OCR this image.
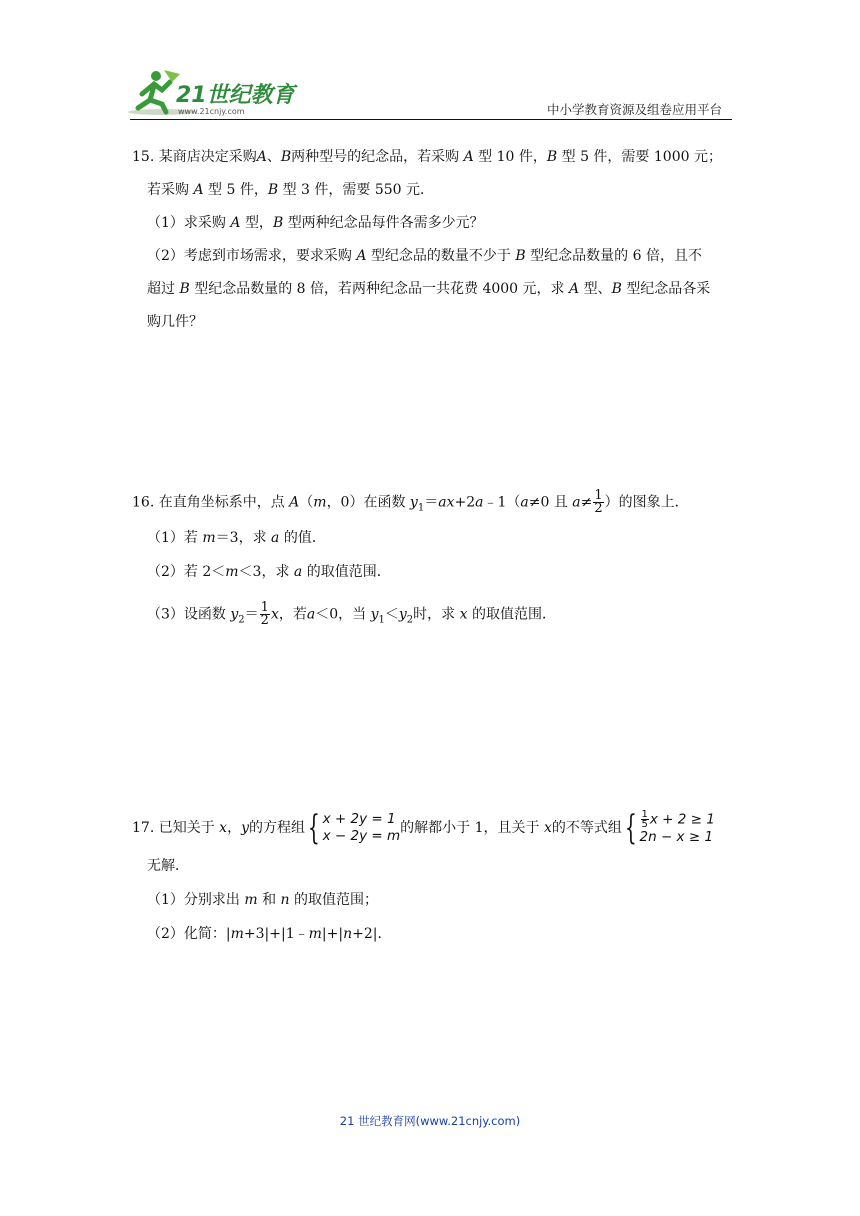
21世纪教育
www.21cnjy.com	中小学教育资源及组卷应用平台
15. 某商店决定采购A、B两种型号的纪念品，若采购 A 型 10 件，B 型 5 件，需要 1000 元；
若采购 A 型 5 件，B 型 3 件，需要 550 元．
（1）求采购 A 型，B 型两种纪念品每件各需多少元？
（2）考虑到市场需求，要求采购 A 型纪念品的数量不少于 B 型纪念品数量的 6 倍，且不
超过 B 型纪念品数量的 8 倍，若两种纪念品一共花费 4000 元，求 A 型、B 型纪念品各采
购几件？
16. 在直角坐标系中，点 A（m，0）在函数 $y_1=ax+2a﹣1(a\ne 0$ 且 $a\ne \frac{1}{2}$ ）的图象上．
（1）若 m＝3，求 a 的值．
（2）若 2＜m＜3，求 a 的取值范围．
（3）设函数 $y_2= \frac{1}{2}$ x，若a＜0，当 $y_1<y_2$时，求 x 的取值范围．
17.
已知关于 x ， y 的方程组 { x + 2y = 1
x − 2y = m 的解都小于 1，且关于 x 的不等式组 { $\frac{1}{5}$ x + 2 ≥ 1
2n − x ≥ 1
无解．
（1）分别求出 m 和 n 的取值范围；
（2）化简：|m+3|+|1﹣m|+|n+2|．
21 世纪教育网(www.21cnjy.com)
